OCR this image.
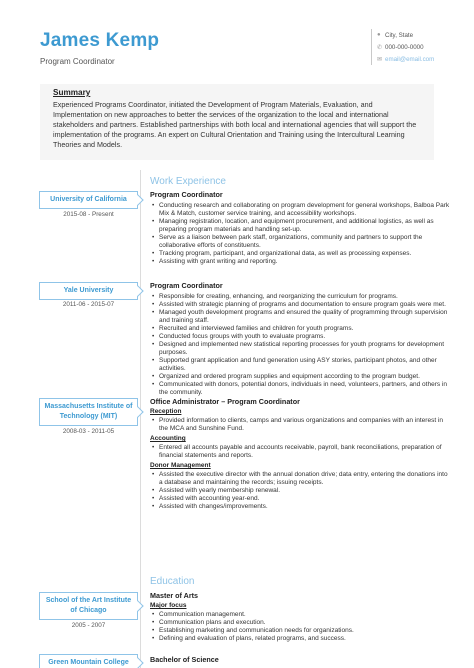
James Kemp
Program Coordinator
● City, State
✆ 000-000-0000
✉ email@email.com
Summary
Experienced Programs Coordinator, initiated the Development of Program Materials, Evaluation, and Implementation on new approaches to better the services of the organization to the local and international stakeholders and partners. Established partnerships with both local and international agencies that will support the implementation of the programs. An expert on Cultural Orientation and Training using the Intercultural Learning Theories and Models.
Work Experience
University of California
2015-08 - Present
Program Coordinator
• Conducting research and collaborating on program development for general workshops, Balboa Park Mix & Match, customer service training, and accessibility workshops.
• Managing registration, location, and equipment procurement, and additional logistics, as well as preparing program materials and handling set-up.
• Serve as a liaison between park staff, organizations, community and partners to support the collaborative efforts of constituents.
• Tracking program, participant, and organizational data, as well as processing expenses.
• Assisting with grant writing and reporting.
Yale University
2011-06 - 2015-07
Program Coordinator
• Responsible for creating, enhancing, and reorganizing the curriculum for programs.
• Assisted with strategic planning of programs and documentation to ensure program goals were met.
• Managed youth development programs and ensured the quality of programming through supervision and training staff.
• Recruited and interviewed families and children for youth programs.
• Conducted focus groups with youth to evaluate programs.
• Designed and implemented new statistical reporting processes for youth programs for development purposes.
• Supported grant application and fund generation using ASY stories, participant photos, and other activities.
• Organized and ordered program supplies and equipment according to the program budget.
• Communicated with donors, potential donors, individuals in need, volunteers, partners, and others in the community.
Massachusetts Institute of Technology (MIT)
2008-03 - 2011-05
Office Administrator – Program Coordinator
Reception
• Provided information to clients, camps and various organizations and companies with an interest in the MCA and Sunshine Fund.
Accounting
• Entered all accounts payable and accounts receivable, payroll, bank reconciliations, preparation of financial statements and reports.
Donor Management
• Assisted the executive director with the annual donation drive; data entry, entering the donations into a database and maintaining the records; issuing receipts.
• Assisted with yearly membership renewal.
• Assisted with accounting year-end.
• Assisted with changes/improvements.
Education
School of the Art Institute of Chicago
2005 - 2007
Master of Arts
Major focus
• Communication management.
• Communication plans and execution.
• Establishing marketing and communication needs for organizations.
• Defining and evaluation of plans, related programs, and success.
Green Mountain College	Bachelor of Science
